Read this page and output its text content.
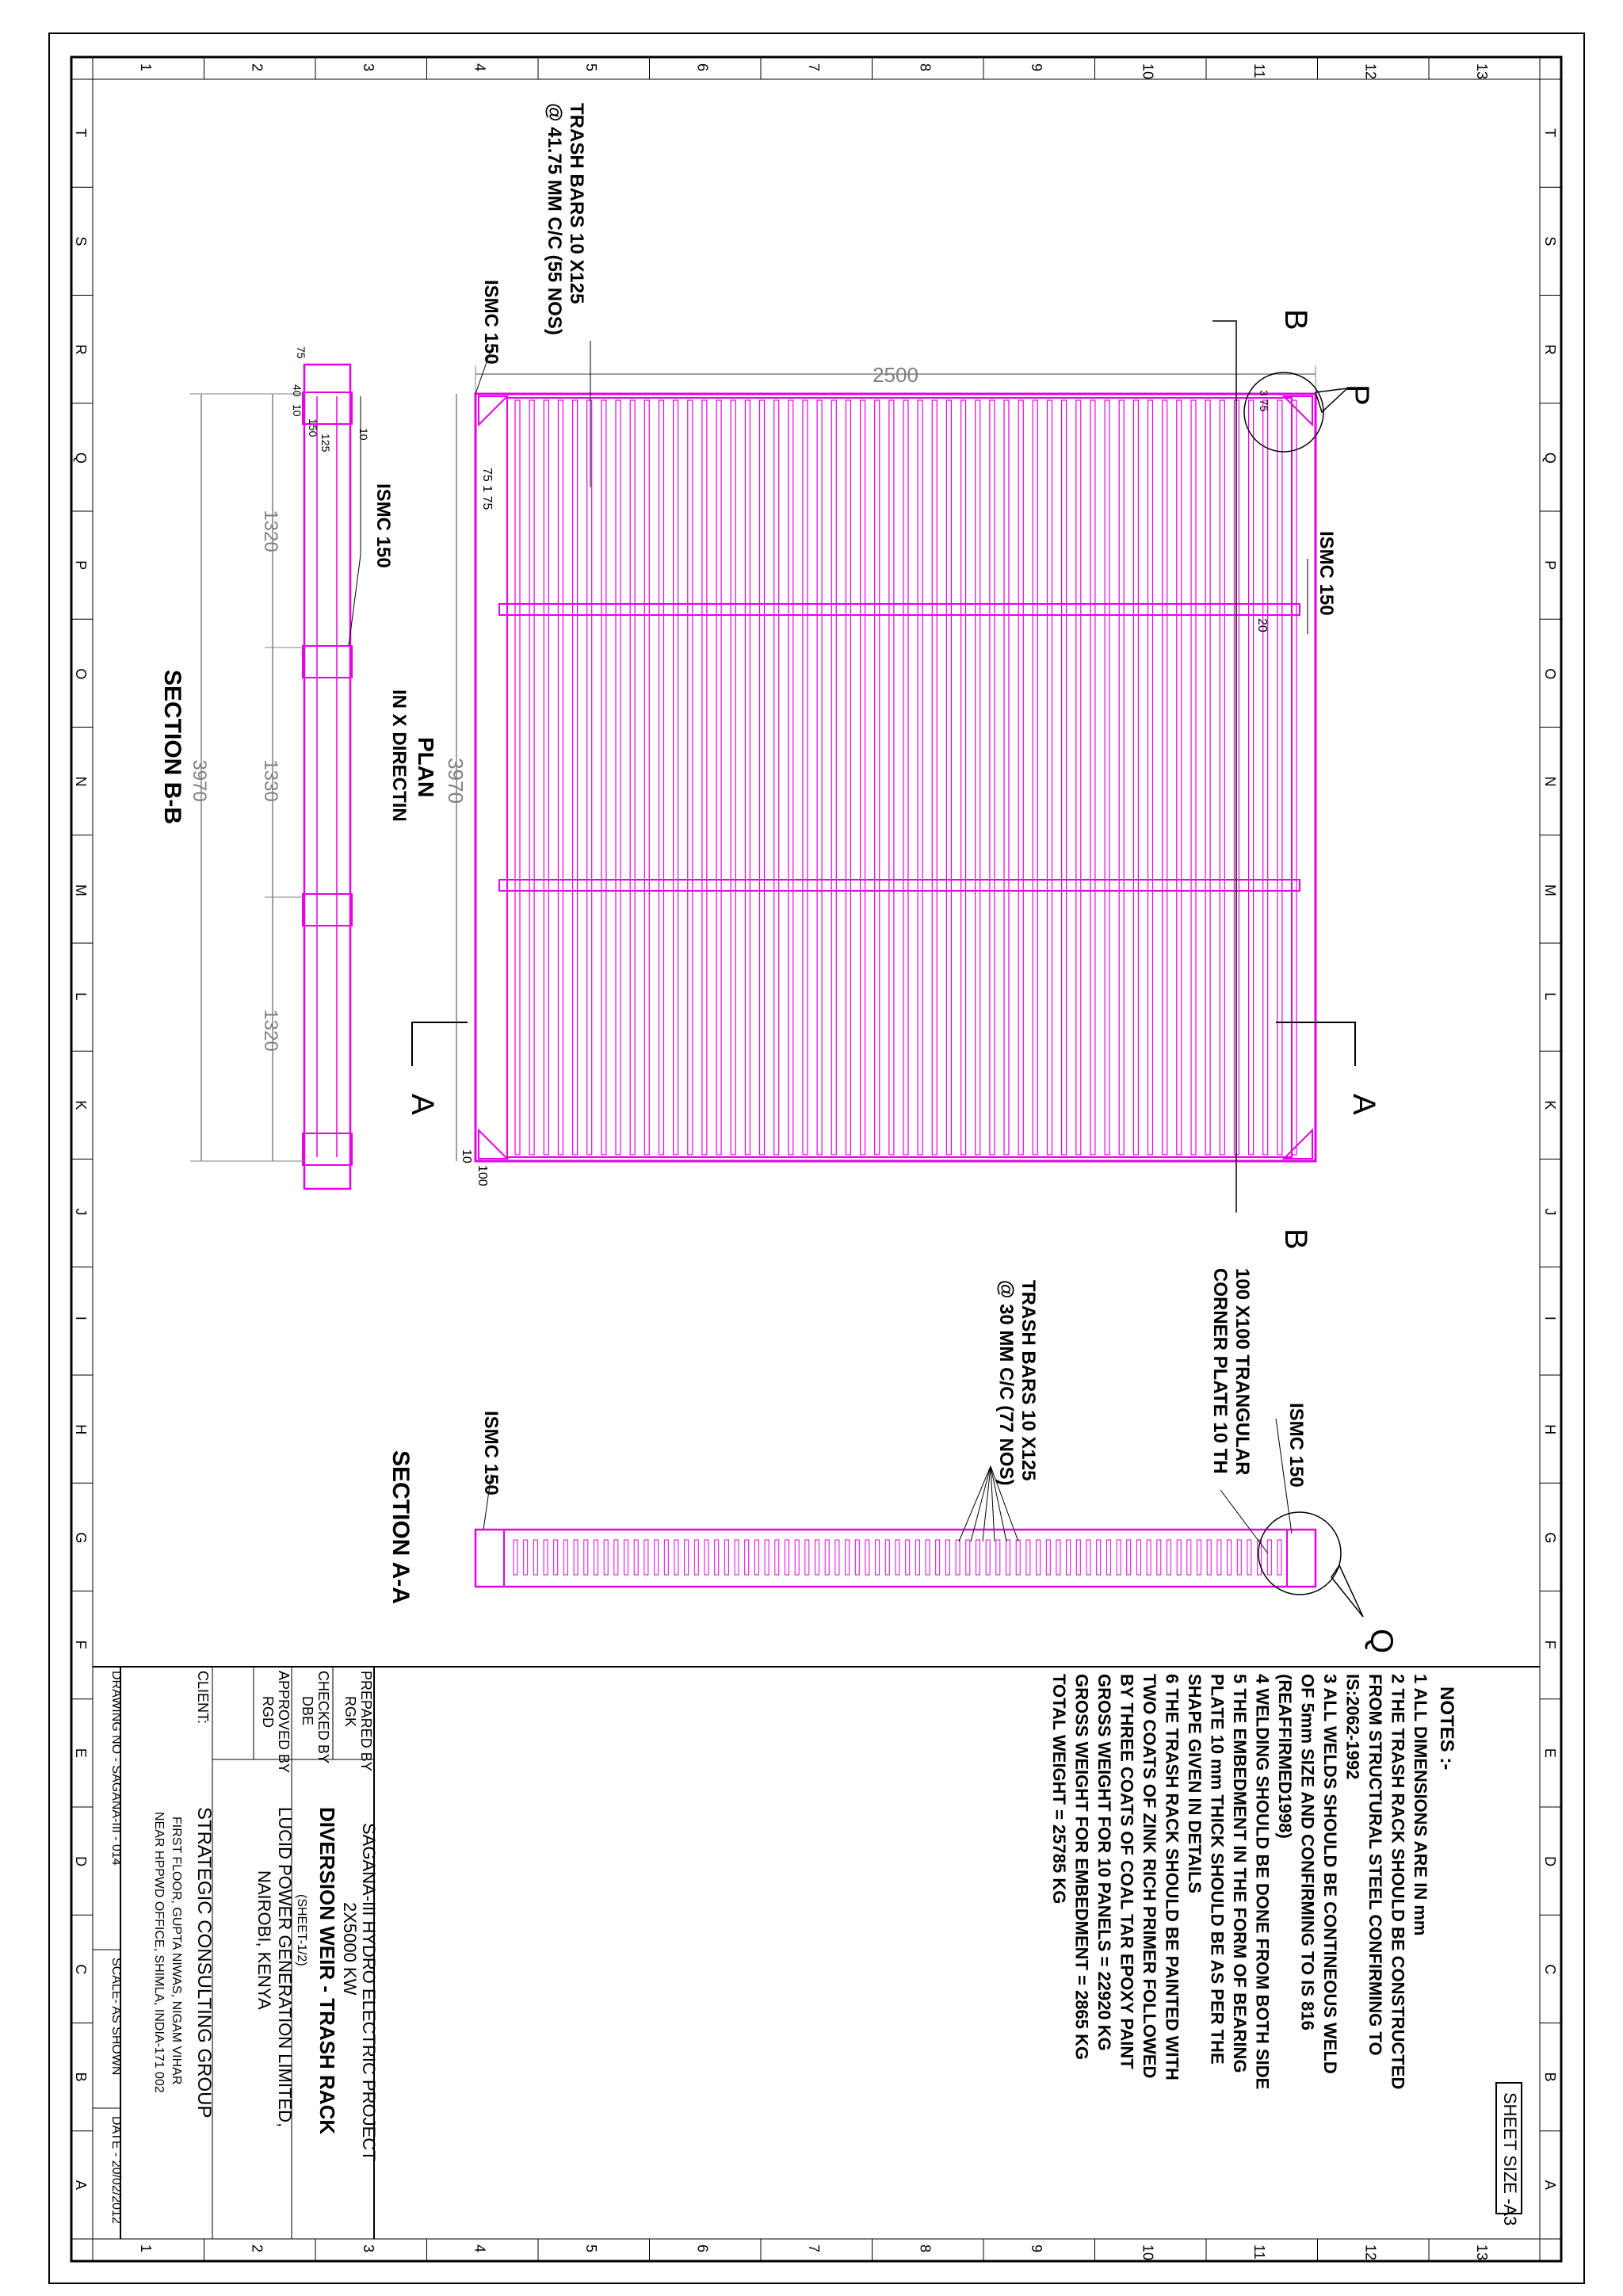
1
1
2
2
3
3
4
4
5
5
6
6
7
7
8
8
9
9
10
10
11
11
12
12
13
13
T	T
S	S
R	R
Q	Q
P	P
O	O
N	N
M	M
L	L
K	K
J	J
I	I
H	H
G	G
F	F
E	E
D	D
C	C
B	B
A	A
SHEET SIZE -A3
2500
3970
A	A
B
B
P
3 75
75 1 75
20
10
100
TRASH BARS 10 X125
@ 41.75 MM C/C (55 NOS)
ISMC 150
ISMC 150
PLAN
IN X DIRECTIN
3970
1320
1330
1320
150
125
75
10
10
40
ISMC 150
SECTION B-B
Q
ISMC 150	ISMC 150
TRASH BARS 10 X125
@ 30 MM C/C (77 NOS)	100 X100 TRANGULAR
CORNER PLATE 10 TH
SECTION A-A
NOTES :-
1 ALL DIMENSIONS ARE IN mm
2 THE TRASH RACK SHOULD BE CONSTRUCTED
FROM STRUCTURAL STEEL CONFIRMING TO
IS:2062-1992
3 ALL WELDS SHOULD BE CONTINEOUS WELD
OF 5mm SIZE AND CONFIRMING TO IS 816
(REAFFIRMED1998)
4 WELDING SHOULD BE DONE FROM BOTH SIDE
5 THE EMBEDMENT IN THE FORM OF BEARING
PLATE 10 mm THICK SHOULD BE AS PER THE
SHAPE GIVEN IN DETAILS
6 THE TRASH RACK SHOULD BE PAINTED WITH
TWO COATS OF ZINK RICH PRIMER FOLLOWED
BY THREE COATS OF COAL TAR EPOXY PAINT
GROSS WEIGHT FOR 10 PANELS = 22920 KG
GROSS WEIGHT FOR EMBEDMENT = 2865 KG
TOTAL WEIGHT = 25785 KG
PREPARED BY
RGK
CHECKED BY
DBE
APPROVED BY
RGD
CLIENT:
SAGANA-III HYDRO ELECTRIC PROJECT
2X5000 KW
DIVERSION WEIR - TRASH RACK
(SHEET-1/2)
LUCID POWER GENERATION LIMITED,
NAIROBI, KENYA
STRATEGIC CONSULTING GROUP
FIRST FLOOR, GUPTA NIWAS, NIGAM VIHAR
NEAR HPPWD OFFICE, SHIMLA, INDIA-171 002
DRAWING NO - SAGANA-III - 014
SCALE- AS SHOWN
DATE - 20/02/2012
